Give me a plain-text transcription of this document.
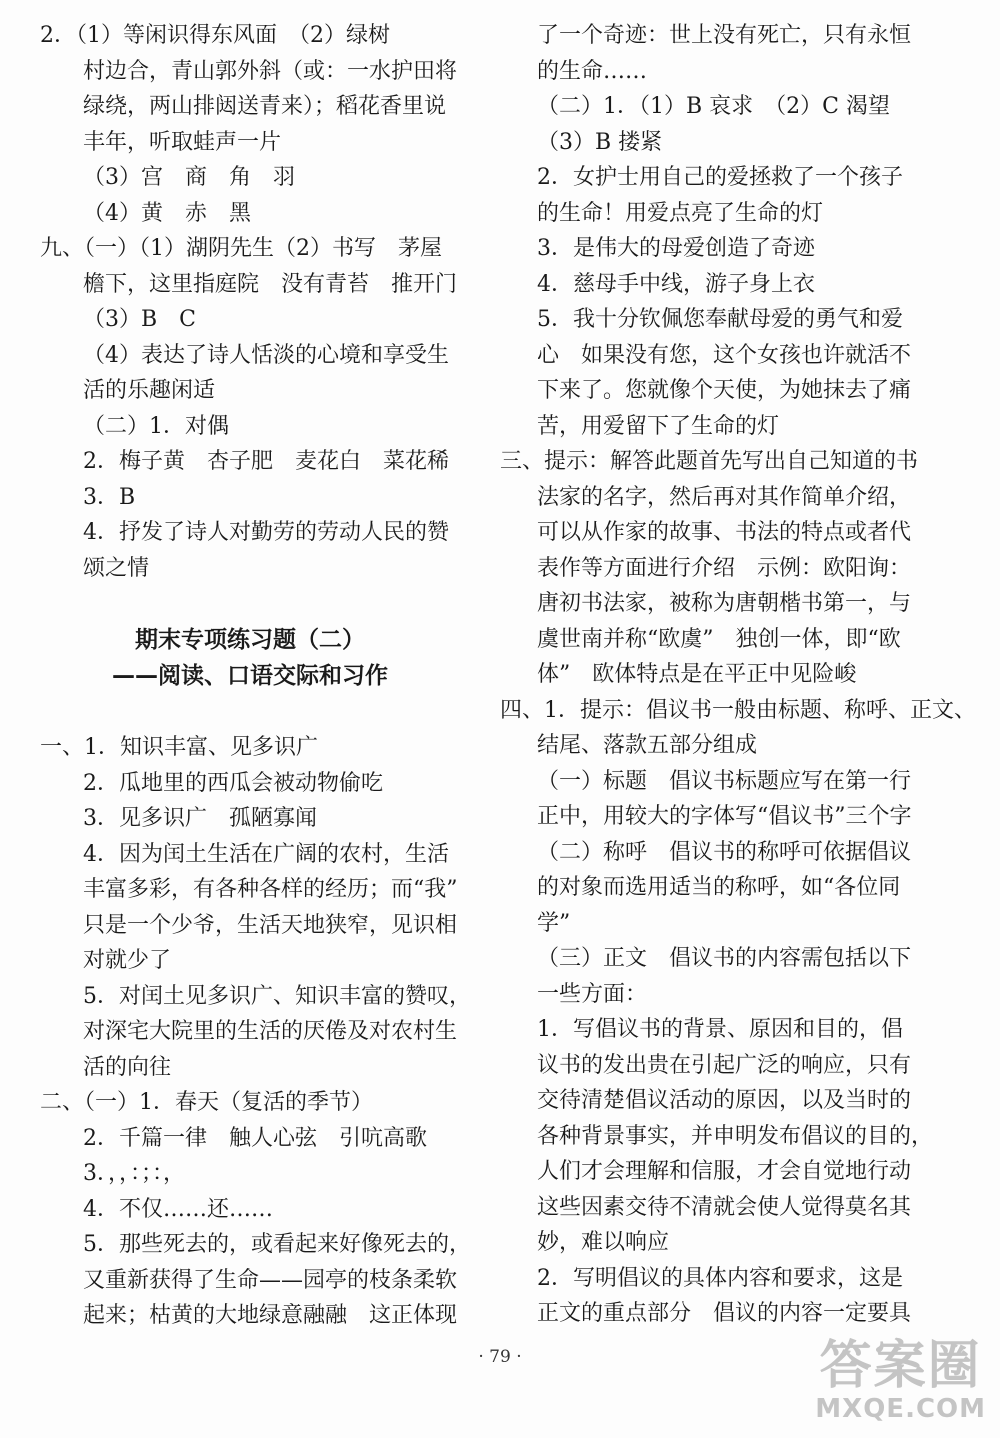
2．（1）等闲识得东风面　（2）绿树
村边合，青山郭外斜（或：一水护田将
绿绕，两山排闼送青来）；稻花香里说
丰年，听取蛙声一片
（3）宫　商　角　羽
（4）黄　赤　黑
九、（一）（1）湖阴先生（2）书写　茅屋
檐下，这里指庭院　没有青苔　推开门
（3）B　C
（4）表达了诗人恬淡的心境和享受生
活的乐趣闲适
（二）1．对偶
2．梅子黄　杏子肥　麦花白　菜花稀
3．B
4．抒发了诗人对勤劳的劳动人民的赞
颂之情
期末专项练习题（二）
——阅读、口语交际和习作
一、1．知识丰富、见多识广
2．瓜地里的西瓜会被动物偷吃
3．见多识广　孤陋寡闻
4．因为闰土生活在广阔的农村，生活
丰富多彩，有各种各样的经历；而“我”
只是一个少爷，生活天地狭窄，见识相
对就少了
5．对闰土见多识广、知识丰富的赞叹，
对深宅大院里的生活的厌倦及对农村生
活的向往
二、（一）1．春天（复活的季节）
2．千篇一律　触人心弦　引吭高歌
3．，，：；：，
4．不仅……还……
5．那些死去的，或看起来好像死去的，
又重新获得了生命——园亭的枝条柔软
起来；枯黄的大地绿意融融　这正体现
了一个奇迹：世上没有死亡，只有永恒
的生命……
（二）1．（1）B 哀求　（2）C 渴望
（3）B 搂紧
2．女护士用自己的爱拯救了一个孩子
的生命！用爱点亮了生命的灯
3．是伟大的母爱创造了奇迹
4．慈母手中线，游子身上衣
5．我十分钦佩您奉献母爱的勇气和爱
心　如果没有您，这个女孩也许就活不
下来了。您就像个天使，为她抹去了痛
苦，用爱留下了生命的灯
三、提示：解答此题首先写出自己知道的书
法家的名字，然后再对其作简单介绍，
可以从作家的故事、书法的特点或者代
表作等方面进行介绍　示例：欧阳询：
唐初书法家，被称为唐朝楷书第一，与
虞世南并称“欧虞”　独创一体，即“欧
体”　欧体特点是在平正中见险峻
四、1．提示：倡议书一般由标题、称呼、正文、
结尾、落款五部分组成
（一）标题　倡议书标题应写在第一行
正中，用较大的字体写“倡议书”三个字
（二）称呼　倡议书的称呼可依据倡议
的对象而选用适当的称呼，如“各位同
学”
（三）正文　倡议书的内容需包括以下
一些方面：
1．写倡议书的背景、原因和目的，倡
议书的发出贵在引起广泛的响应，只有
交待清楚倡议活动的原因，以及当时的
各种背景事实，并申明发布倡议的目的，
人们才会理解和信服，才会自觉地行动
这些因素交待不清就会使人觉得莫名其
妙，难以响应
2．写明倡议的具体内容和要求，这是
正文的重点部分　倡议的内容一定要具
· 79 ·	答案圈
MXQE.COM
